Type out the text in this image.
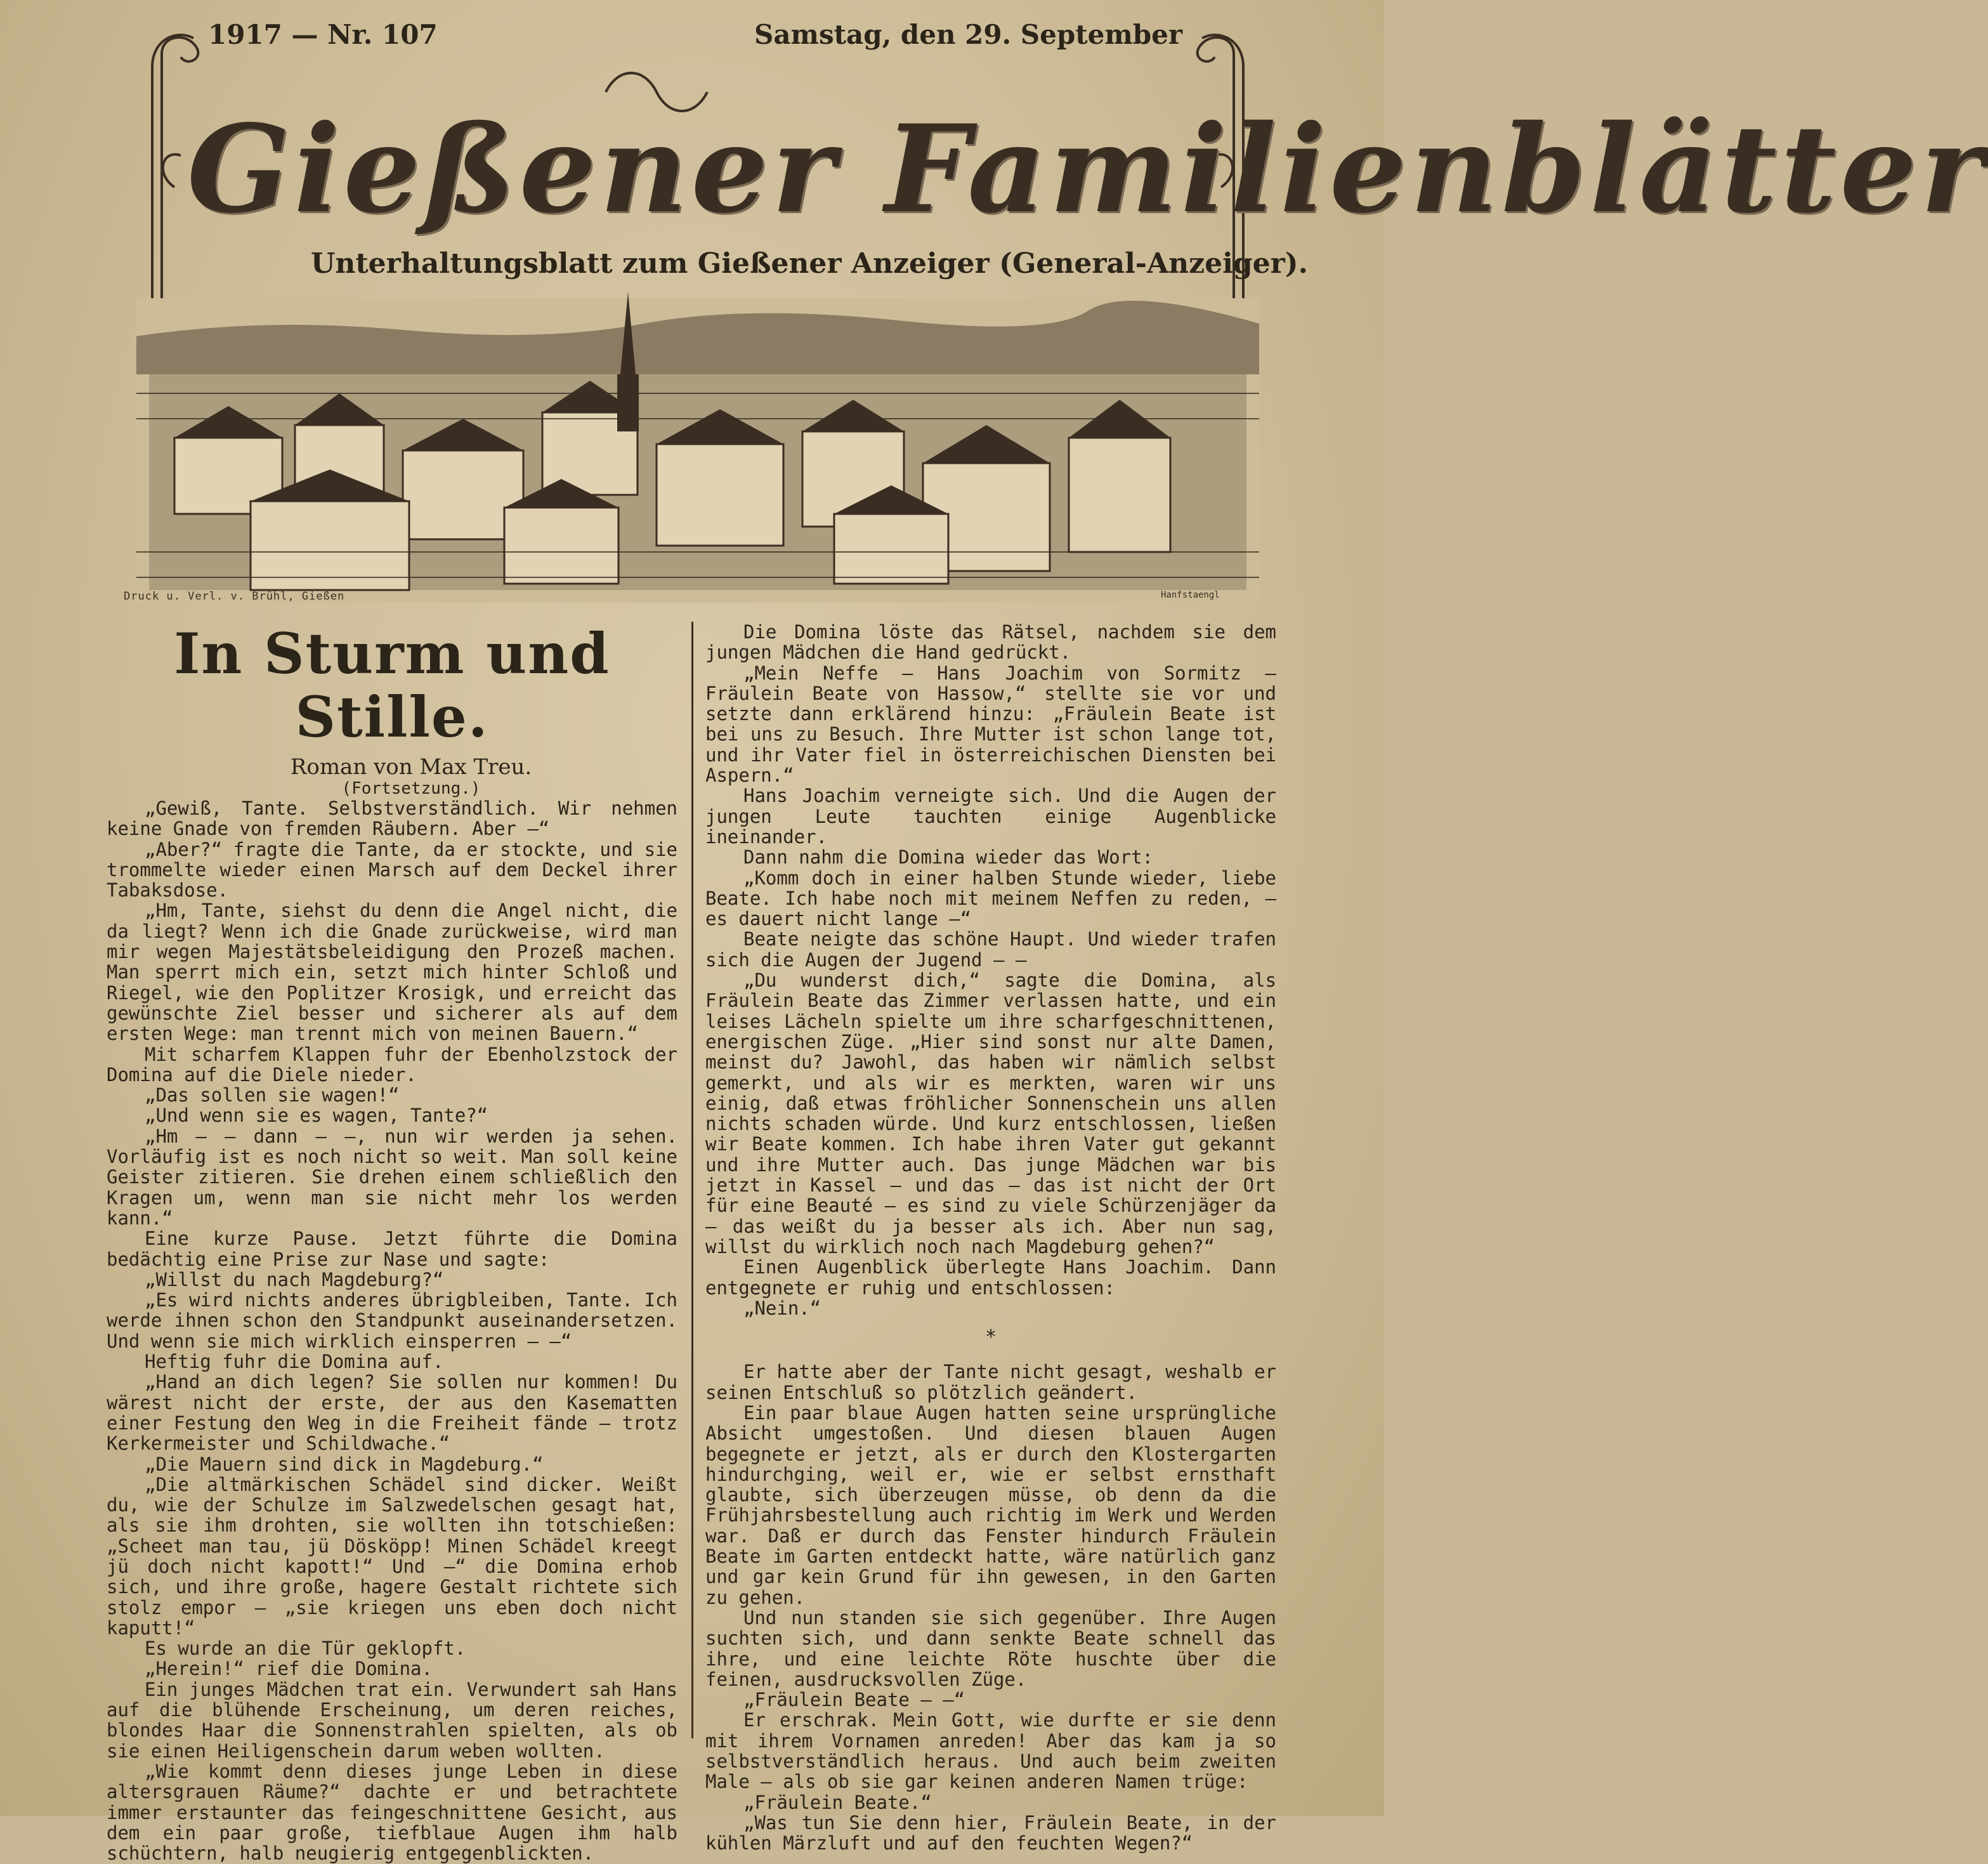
1917 — Nr. 107	Samstag, den 29. September
Gießener Familienblätter
Unterhaltungsblatt zum Gießener Anzeiger (General-Anzeiger).
Druck u. Verl. v. Brühl, Gießen	Hanfstaengl
In Sturm und Stille.

Roman von Max Treu.

(Fortsetzung.)

„Gewiß, Tante. Selbstverständlich. Wir nehmen keine Gnade von fremden Räubern. Aber —“

„Aber?“ fragte die Tante, da er stockte, und sie trommelte wieder einen Marsch auf dem Deckel ihrer Tabaksdose.

„Hm, Tante, siehst du denn die Angel nicht, die da liegt? Wenn ich die Gnade zurückweise, wird man mir wegen Majestätsbeleidigung den Prozeß machen. Man sperrt mich ein, setzt mich hinter Schloß und Riegel, wie den Poplitzer Krosigk, und erreicht das gewünschte Ziel besser und sicherer als auf dem ersten Wege: man trennt mich von meinen Bauern.“

Mit scharfem Klappen fuhr der Ebenholzstock der Domina auf die Diele nieder.

„Das sollen sie wagen!“

„Und wenn sie es wagen, Tante?“

„Hm — — dann — —, nun wir werden ja sehen. Vorläufig ist es noch nicht so weit. Man soll keine Geister zitieren. Sie drehen einem schließlich den Kragen um, wenn man sie nicht mehr los werden kann.“

Eine kurze Pause. Jetzt führte die Domina bedächtig eine Prise zur Nase und sagte:

„Willst du nach Magdeburg?“

„Es wird nichts anderes übrigbleiben, Tante. Ich werde ihnen schon den Standpunkt auseinandersetzen. Und wenn sie mich wirklich einsperren — —“

Heftig fuhr die Domina auf.

„Hand an dich legen? Sie sollen nur kommen! Du wärest nicht der erste, der aus den Kasematten einer Festung den Weg in die Freiheit fände — trotz Kerkermeister und Schildwache.“

„Die Mauern sind dick in Magdeburg.“

„Die altmärkischen Schädel sind dicker. Weißt du, wie der Schulze im Salzwedelschen gesagt hat, als sie ihm drohten, sie wollten ihn totschießen: „Scheet man tau, jü Dösköpp! Minen Schädel kreegt jü doch nicht kapott!“ Und —“ die Domina erhob sich, und ihre große, hagere Gestalt richtete sich stolz empor — „sie kriegen uns eben doch nicht kaputt!“

Es wurde an die Tür geklopft.

„Herein!“ rief die Domina.

Ein junges Mädchen trat ein. Verwundert sah Hans auf die blühende Erscheinung, um deren reiches, blondes Haar die Sonnenstrahlen spielten, als ob sie einen Heiligenschein darum weben wollten.

„Wie kommt denn dieses junge Leben in diese altersgrauen Räume?“ dachte er und betrachtete immer erstaunter das feingeschnittene Gesicht, aus dem ein paar große, tiefblaue Augen ihm halb schüchtern, halb neugierig entgegenblickten.

Die Domina löste das Rätsel, nachdem sie dem jungen Mädchen die Hand gedrückt.

„Mein Neffe — Hans Joachim von Sormitz — Fräulein Beate von Hassow,“ stellte sie vor und setzte dann erklärend hinzu: „Fräulein Beate ist bei uns zu Besuch. Ihre Mutter ist schon lange tot, und ihr Vater fiel in österreichischen Diensten bei Aspern.“

Hans Joachim verneigte sich. Und die Augen der jungen Leute tauchten einige Augenblicke ineinander.

Dann nahm die Domina wieder das Wort:

„Komm doch in einer halben Stunde wieder, liebe Beate. Ich habe noch mit meinem Neffen zu reden, — es dauert nicht lange —“

Beate neigte das schöne Haupt. Und wieder trafen sich die Augen der Jugend — —

„Du wunderst dich,“ sagte die Domina, als Fräulein Beate das Zimmer verlassen hatte, und ein leises Lächeln spielte um ihre scharfgeschnittenen, energischen Züge. „Hier sind sonst nur alte Damen, meinst du? Jawohl, das haben wir nämlich selbst gemerkt, und als wir es merkten, waren wir uns einig, daß etwas fröhlicher Sonnenschein uns allen nichts schaden würde. Und kurz entschlossen, ließen wir Beate kommen. Ich habe ihren Vater gut gekannt und ihre Mutter auch. Das junge Mädchen war bis jetzt in Kassel — und das — das ist nicht der Ort für eine Beauté — es sind zu viele Schürzenjäger da — das weißt du ja besser als ich. Aber nun sag, willst du wirklich noch nach Magdeburg gehen?“

Einen Augenblick überlegte Hans Joachim. Dann entgegnete er ruhig und entschlossen:

„Nein.“

*

Er hatte aber der Tante nicht gesagt, weshalb er seinen Entschluß so plötzlich geändert.

Ein paar blaue Augen hatten seine ursprüngliche Absicht umgestoßen. Und diesen blauen Augen begegnete er jetzt, als er durch den Klostergarten hindurchging, weil er, wie er selbst ernsthaft glaubte, sich überzeugen müsse, ob denn da die Frühjahrsbestellung auch richtig im Werk und Werden war. Daß er durch das Fenster hindurch Fräulein Beate im Garten entdeckt hatte, wäre natürlich ganz und gar kein Grund für ihn gewesen, in den Garten zu gehen.

Und nun standen sie sich gegenüber. Ihre Augen suchten sich, und dann senkte Beate schnell das ihre, und eine leichte Röte huschte über die feinen, ausdrucksvollen Züge.

„Fräulein Beate — —“

Er erschrak. Mein Gott, wie durfte er sie denn mit ihrem Vornamen anreden! Aber das kam ja so selbstverständlich heraus. Und auch beim zweiten Male — als ob sie gar keinen anderen Namen trüge:

„Fräulein Beate.“

„Was tun Sie denn hier, Fräulein Beate, in der kühlen Märzluft und auf den feuchten Wegen?“
